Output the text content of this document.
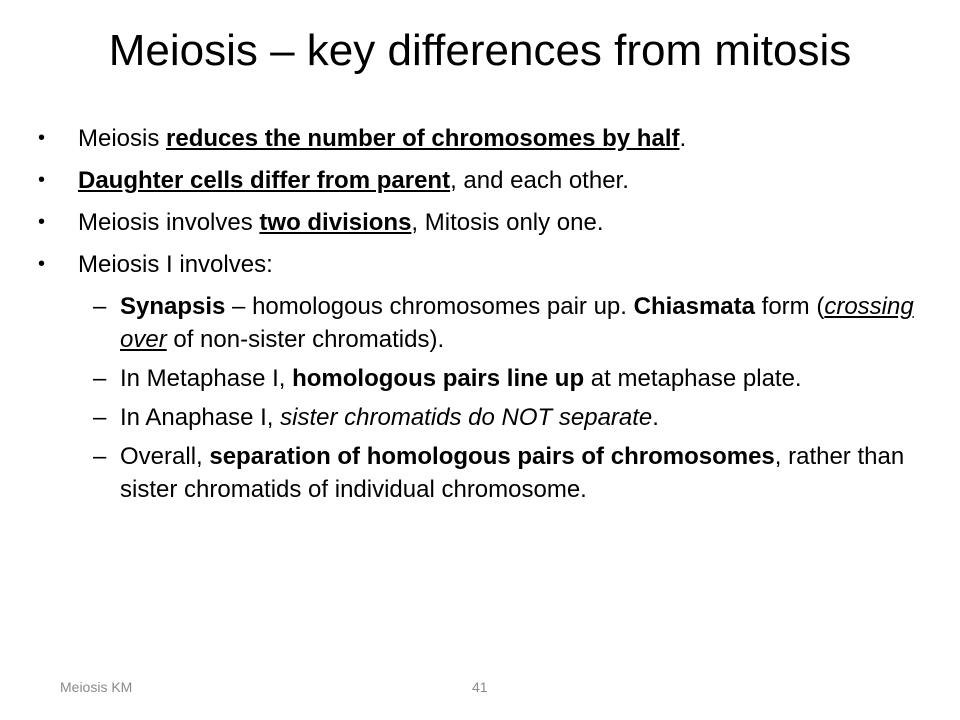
Meiosis – key differences from mitosis
• Meiosis reduces the number of chromosomes by half.
• Daughter cells differ from parent, and each other.
• Meiosis involves two divisions, Mitosis only one.
• Meiosis I involves:
– Synapsis – homologous chromosomes pair up. Chiasmata form (crossing over of non-sister chromatids).
– In Metaphase I, homologous pairs line up at metaphase plate.
– In Anaphase I, sister chromatids do NOT separate.
– Overall, separation of homologous pairs of chromosomes, rather than sister chromatids of individual chromosome.
Meiosis KM	41
